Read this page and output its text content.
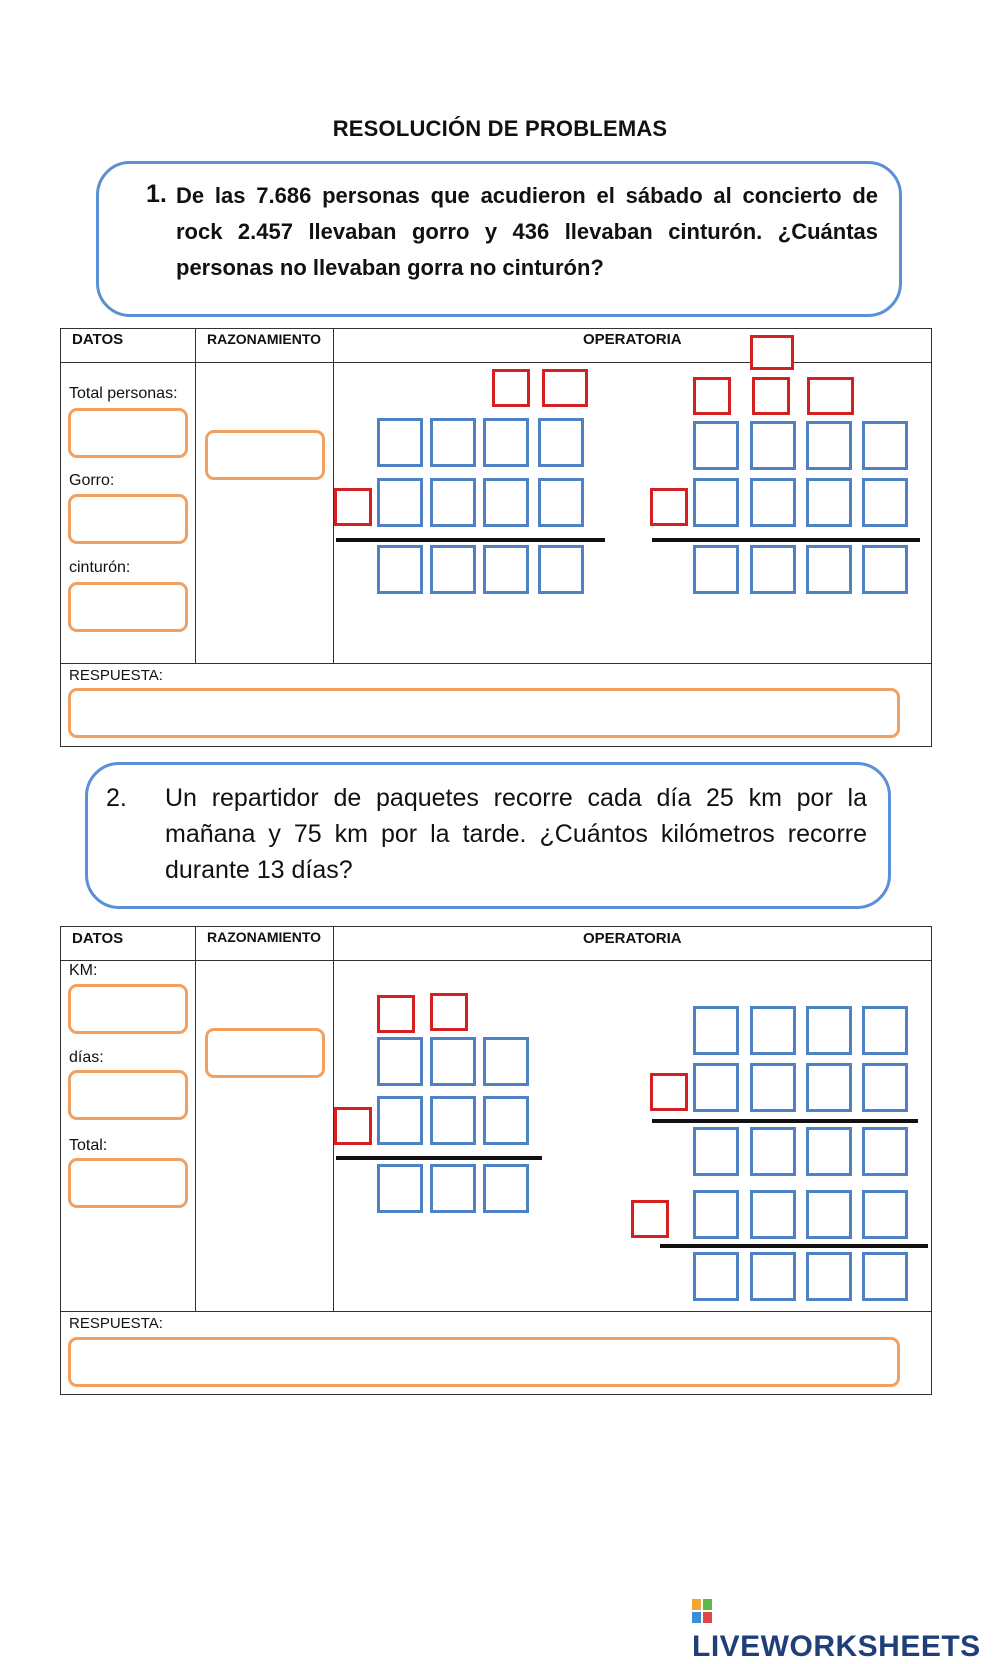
RESOLUCIÓN DE PROBLEMAS
1. De las 7.686 personas que acudieron el sábado al concierto de rock 2.457 llevaban gorro y 436 llevaban cinturón. ¿Cuántas personas no llevaban gorra no cinturón?
DATOS	RAZONAMIENTO	OPERATORIA
Total personas:
Gorro:
cinturón:
RESPUESTA:
2. Un repartidor de paquetes recorre cada día 25 km por la mañana y 75 km por la tarde. ¿Cuántos kilómetros recorre durante 13 días?
DATOS	RAZONAMIENTO	OPERATORIA
KM:
días:
Total:
RESPUESTA:
LIVEWORKSHEETS
